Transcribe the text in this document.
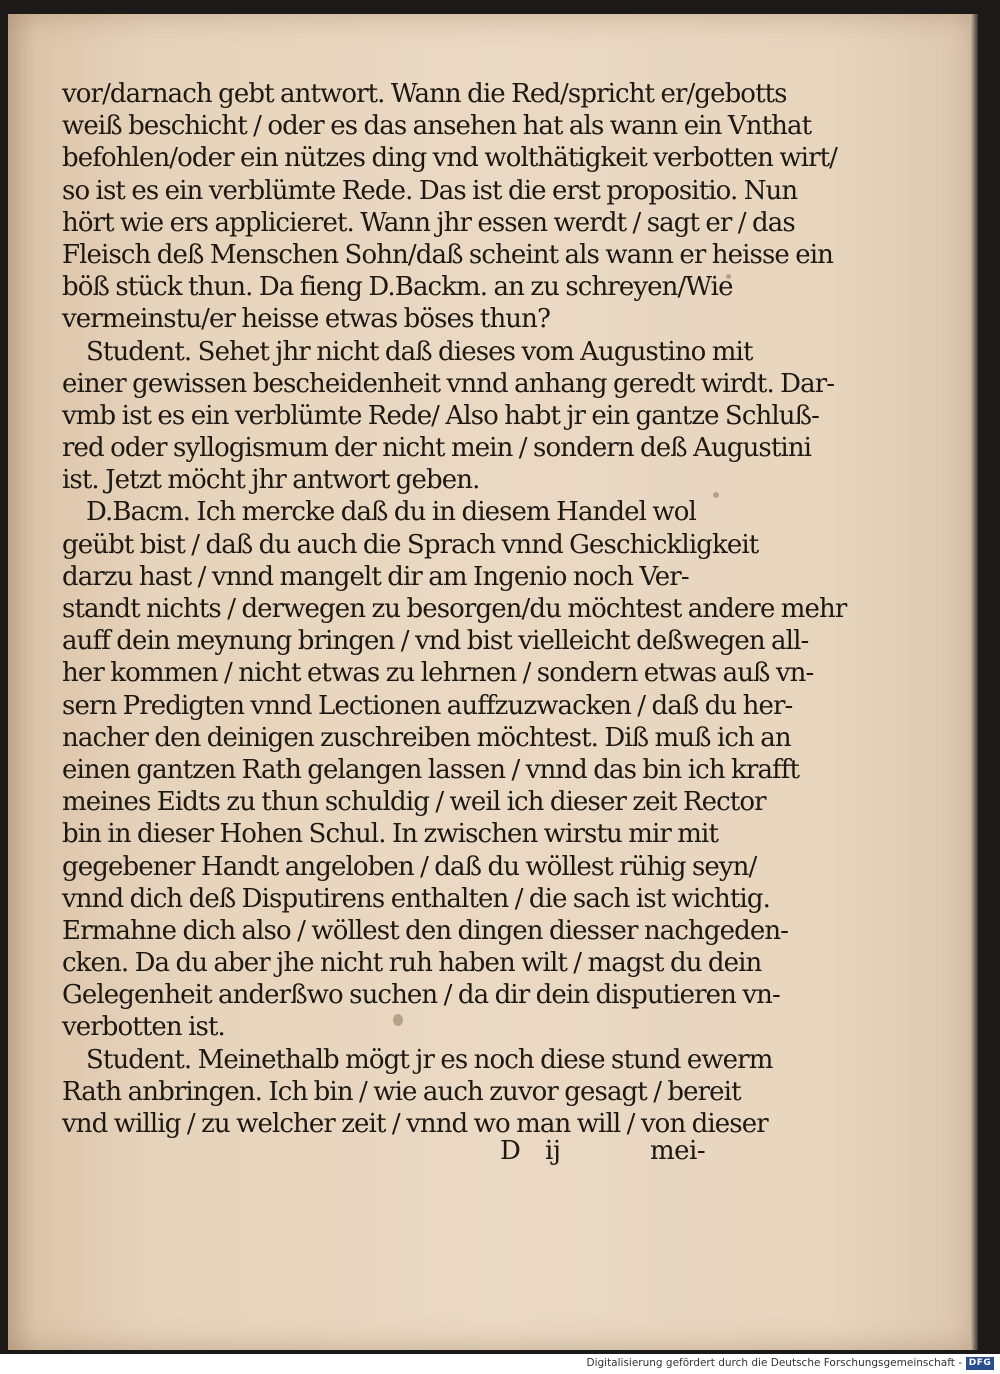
vor/darnach gebt antwort. Wann die Red/spricht er/gebotts
weiß beschicht / oder es das ansehen hat als wann ein Vnthat
befohlen/oder ein nützes ding vnd wolthätigkeit verbotten wirt/
so ist es ein verblümte Rede. Das ist die erst propositio. Nun
hört wie ers applicieret. Wann jhr essen werdt / sagt er / das
Fleisch deß Menschen Sohn/daß scheint als wann er heisse ein
böß stück thun. Da fieng D.Backm. an zu schreyen/Wie
vermeinstu/er heisse etwas böses thun?
Student. Sehet jhr nicht daß dieses vom Augustino mit
einer gewissen bescheidenheit vnnd anhang geredt wirdt. Dar-
vmb ist es ein verblümte Rede/ Also habt jr ein gantze Schluß-
red oder syllogismum der nicht mein / sondern deß Augustini
ist. Jetzt möcht jhr antwort geben.
D.Bacm. Ich mercke daß du in diesem Handel wol
geübt bist / daß du auch die Sprach vnnd Geschickligkeit
darzu hast / vnnd mangelt dir am Ingenio noch Ver-
standt nichts / derwegen zu besorgen/du möchtest andere mehr
auff dein meynung bringen / vnd bist vielleicht deßwegen all-
her kommen / nicht etwas zu lehrnen / sondern etwas auß vn-
sern Predigten vnnd Lectionen auffzuzwacken / daß du her-
nacher den deinigen zuschreiben möchtest. Diß muß ich an
einen gantzen Rath gelangen lassen / vnnd das bin ich krafft
meines Eidts zu thun schuldig / weil ich dieser zeit Rector
bin in dieser Hohen Schul. In zwischen wirstu mir mit
gegebener Handt angeloben / daß du wöllest rühig seyn/
vnnd dich deß Disputirens enthalten / die sach ist wichtig.
Ermahne dich also / wöllest den dingen diesser nachgeden-
cken. Da du aber jhe nicht ruh haben wilt / magst du dein
Gelegenheit anderßwo suchen / da dir dein disputieren vn-
verbotten ist.
Student. Meinethalb mögt jr es noch diese stund ewerm
Rath anbringen. Ich bin / wie auch zuvor gesagt / bereit
vnd willig / zu welcher zeit / vnnd wo man will / von dieser
D ij	mei-
Digitalisierung gefördert durch die Deutsche Forschungsgemeinschaft - DFG
